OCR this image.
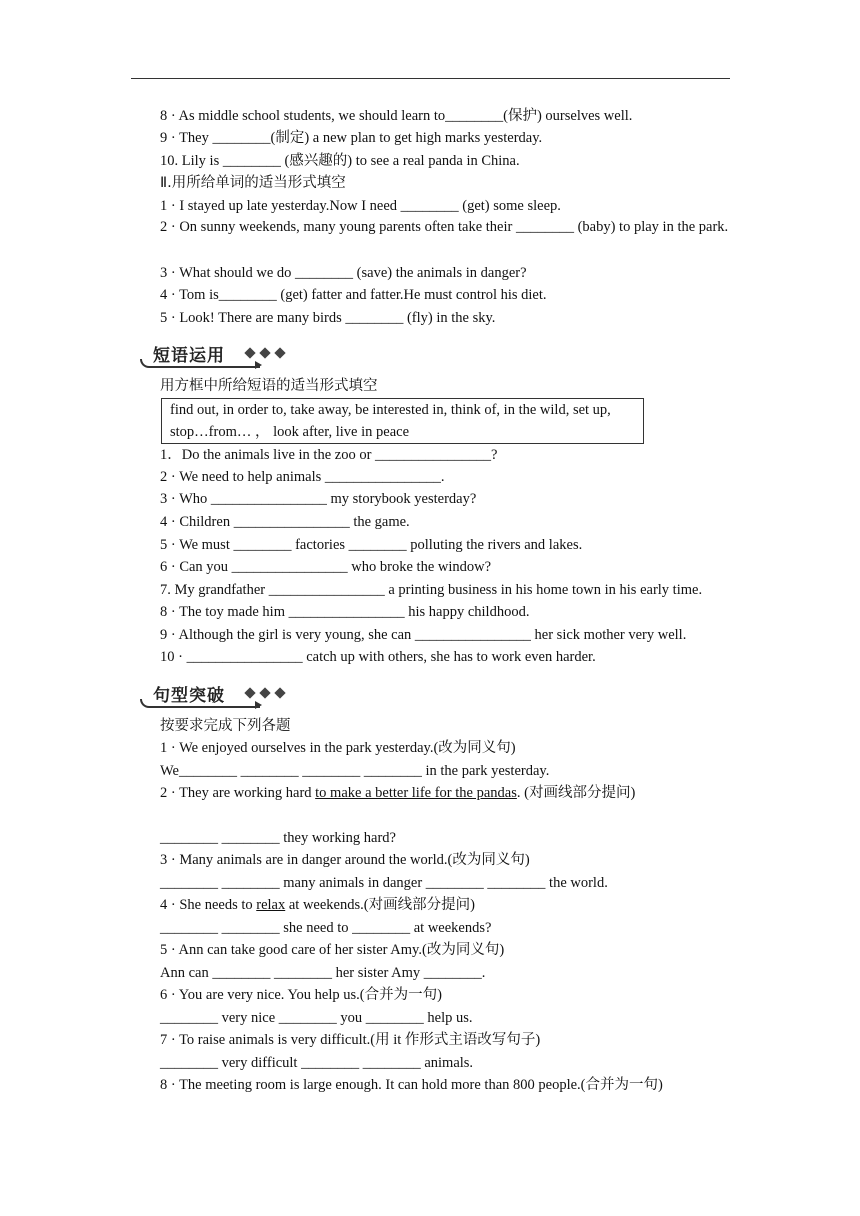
8 · As middle school students, we should learn to________(保护) ourselves well.
9 · They ________(制定) a new plan to get high marks yesterday.
10. Lily is ________ (感兴趣的) to see a real panda in China.
Ⅱ.用所给单词的适当形式填空
1 · I stayed up late yesterday.Now I need ________ (get) some sleep.
2 · On sunny weekends, many young parents often take their ________ (baby) to play in the park.
3 · What should we do ________ (save) the animals in danger?
4 · Tom is________ (get) fatter and fatter.He must control his diet.
5 · Look! There are many birds ________ (fly) in the sky.
短语运用
用方框中所给短语的适当形式填空
find out, in order to, take away, be interested in, think of, in the wild, set up,
stop…from… ， look after, live in peace
1．Do the animals live in the zoo or ________________?
2 · We need to help animals ________________.
3 · Who ________________ my storybook yesterday?
4 · Children ________________ the game.
5 · We must ________ factories ________ polluting the rivers and lakes.
6 · Can you ________________ who broke the window?
7. My grandfather ________________ a printing business in his home town in his early time.
8 · The toy made him ________________ his happy childhood.
9 · Although the girl is very young, she can ________________ her sick mother very well.
10 · ________________ catch up with others, she has to work even harder.
句型突破
按要求完成下列各题
1 · We enjoyed ourselves in the park yesterday.(改为同义句)
We________ ________ ________ ________ in the park yesterday.
2 · They are working hard to make a better life for the pandas. (对画线部分提问)
________ ________ they working hard?
3 · Many animals are in danger around the world.(改为同义句)
________ ________ many animals in danger ________ ________ the world.
4 · She needs to relax at weekends.(对画线部分提问)
________ ________ she need to ________ at weekends?
5 · Ann can take good care of her sister Amy.(改为同义句)
Ann can ________ ________ her sister Amy ________.
6 · You are very nice. You help us.(合并为一句)
________ very nice ________ you ________ help us.
7 · To raise animals is very difficult.(用 it 作形式主语改写句子)
________ very difficult ________ ________ animals.
8 · The meeting room is large enough. It can hold more than 800 people.(合并为一句)
